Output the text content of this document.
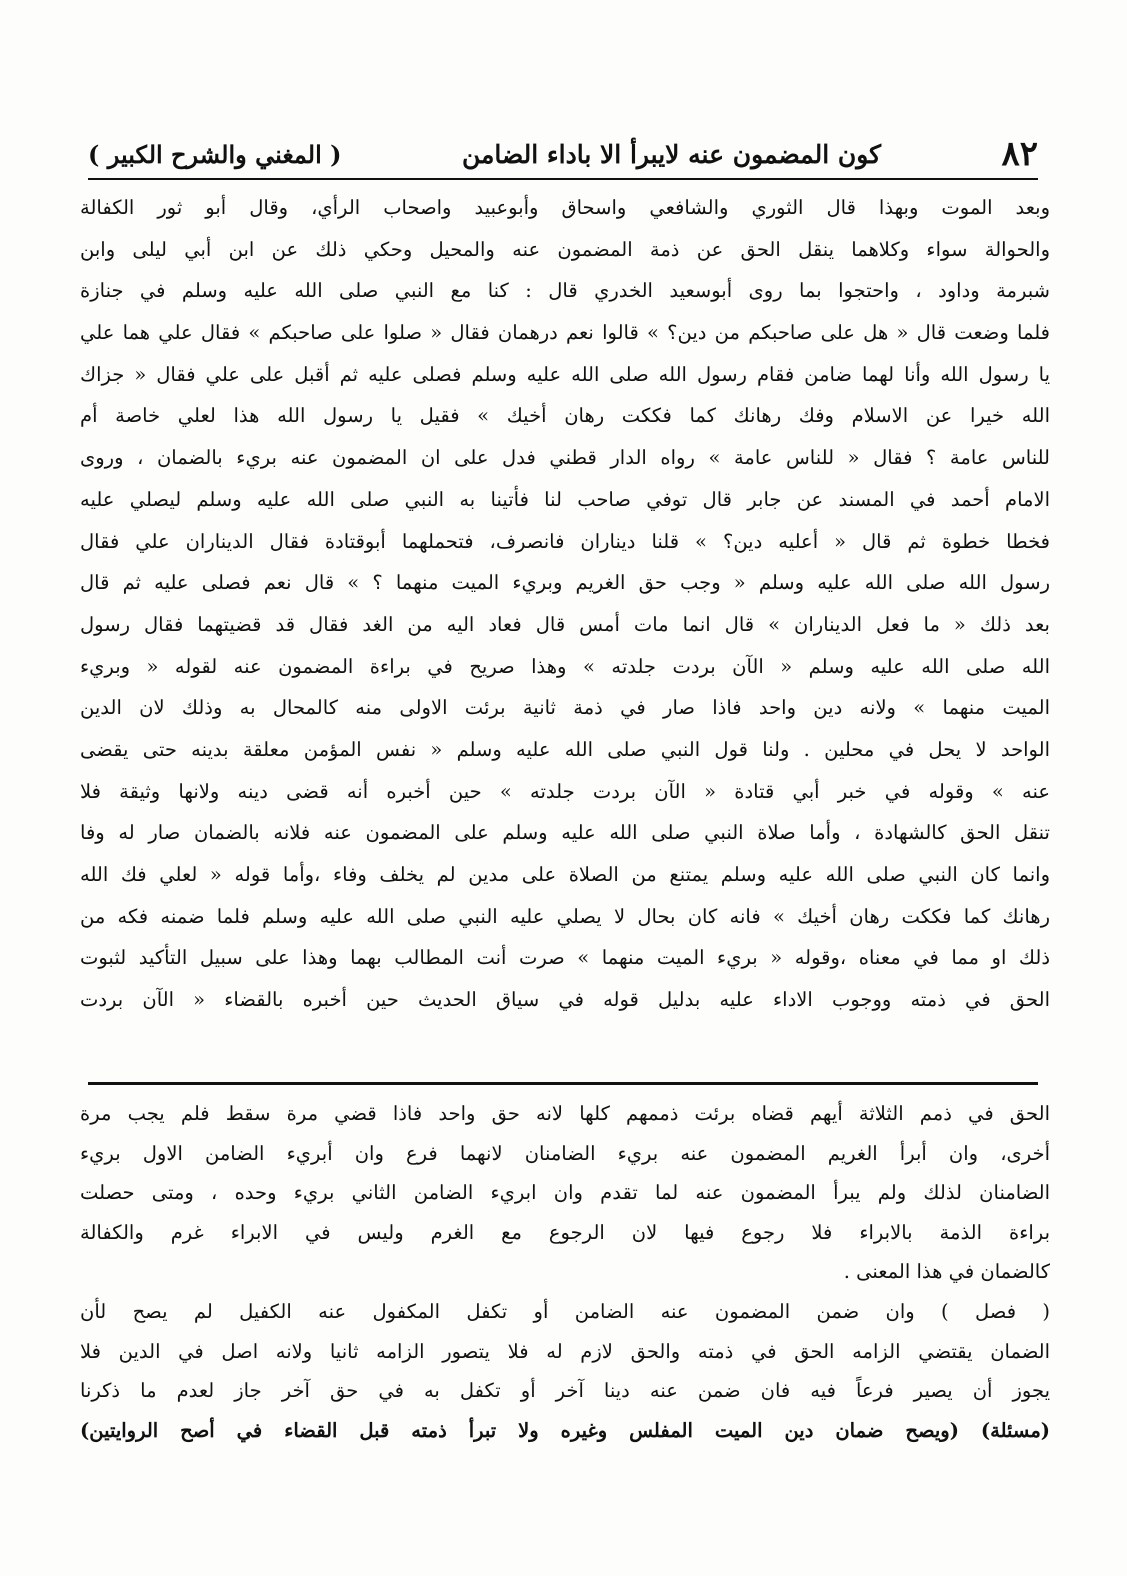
٨٢
كون المضمون عنه لايبرأ الا باداء الضامن
( المغني والشرح الكبير )

وبعد الموت وبهذا قال الثوري والشافعي واسحاق وأبوعبيد واصحاب الرأي، وقال أبو ثور الكفالة

والحوالة سواء وكلاهما ينقل الحق عن ذمة المضمون عنه والمحيل وحكي ذلك عن ابن أبي ليلى وابن

شبرمة وداود ، واحتجوا بما روى أبوسعيد الخدري قال : كنا مع النبي صلى الله عليه وسلم في جنازة

فلما وضعت قال « هل على صاحبكم من دين؟ » قالوا نعم درهمان فقال « صلوا على صاحبكم » فقال علي هما علي

يا رسول الله وأنا لهما ضامن فقام رسول الله صلى الله عليه وسلم فصلى عليه ثم أقبل على علي فقال « جزاك

الله خيرا عن الاسلام وفك رهانك كما فككت رهان أخيك » فقيل يا رسول الله هذا لعلي خاصة أم

للناس عامة ؟ فقال « للناس عامة » رواه الدار قطني فدل على ان المضمون عنه بريء بالضمان ، وروى

الامام أحمد في المسند عن جابر قال توفي صاحب لنا فأتينا به النبي صلى الله عليه وسلم ليصلي عليه

فخطا خطوة ثم قال « أعليه دين؟ » قلنا ديناران فانصرف، فتحملهما أبوقتادة فقال الديناران علي فقال

رسول الله صلى الله عليه وسلم « وجب حق الغريم وبريء الميت منهما ؟ » قال نعم فصلى عليه ثم قال

بعد ذلك « ما فعل الديناران » قال انما مات أمس قال فعاد اليه من الغد فقال قد قضيتهما فقال رسول

الله صلى الله عليه وسلم « الآن بردت جلدته » وهذا صريح في براءة المضمون عنه لقوله « وبريء

الميت منهما » ولانه دين واحد فاذا صار في ذمة ثانية برئت الاولى منه كالمحال به وذلك لان الدين

الواحد لا يحل في محلين . ولنا قول النبي صلى الله عليه وسلم « نفس المؤمن معلقة بدينه حتى يقضى

عنه » وقوله في خبر أبي قتادة « الآن بردت جلدته » حين أخبره أنه قضى دينه ولانها وثيقة فلا

تنقل الحق كالشهادة ، وأما صلاة النبي صلى الله عليه وسلم على المضمون عنه فلانه بالضمان صار له وفا

وانما كان النبي صلى الله عليه وسلم يمتنع من الصلاة على مدين لم يخلف وفاء ،وأما قوله « لعلي فك الله

رهانك كما فككت رهان أخيك » فانه كان بحال لا يصلي عليه النبي صلى الله عليه وسلم فلما ضمنه فكه من

ذلك او مما في معناه ،وقوله « بريء الميت منهما » صرت أنت المطالب بهما وهذا على سبيل التأكيد لثبوت

الحق في ذمته ووجوب الاداء عليه بدليل قوله في سياق الحديث حين أخبره بالقضاء « الآن بردت

الحق في ذمم الثلاثة أيهم قضاه برئت ذممهم كلها لانه حق واحد فاذا قضي مرة سقط فلم يجب مرة

أخرى، وان أبرأ الغريم المضمون عنه بريء الضامنان لانهما فرع وان أبريء الضامن الاول بريء

الضامنان لذلك ولم يبرأ المضمون عنه لما تقدم وان ابريء الضامن الثاني بريء وحده ، ومتى حصلت

براءة الذمة بالابراء فلا رجوع فيها لان الرجوع مع الغرم وليس في الابراء غرم والكفالة

كالضمان في هذا المعنى .

( فصل ) وان ضمن المضمون عنه الضامن أو تكفل المكفول عنه الكفيل لم يصح لأن

الضمان يقتضي الزامه الحق في ذمته والحق لازم له فلا يتصور الزامه ثانيا ولانه اصل في الدين فلا

يجوز أن يصير فرعاً فيه فان ضمن عنه دينا آخر أو تكفل به في حق آخر جاز لعدم ما ذكرنا

(مسئلة) (ويصح ضمان دين الميت المفلس وغيره ولا تبرأ ذمته قبل القضاء في أصح الروايتين)
